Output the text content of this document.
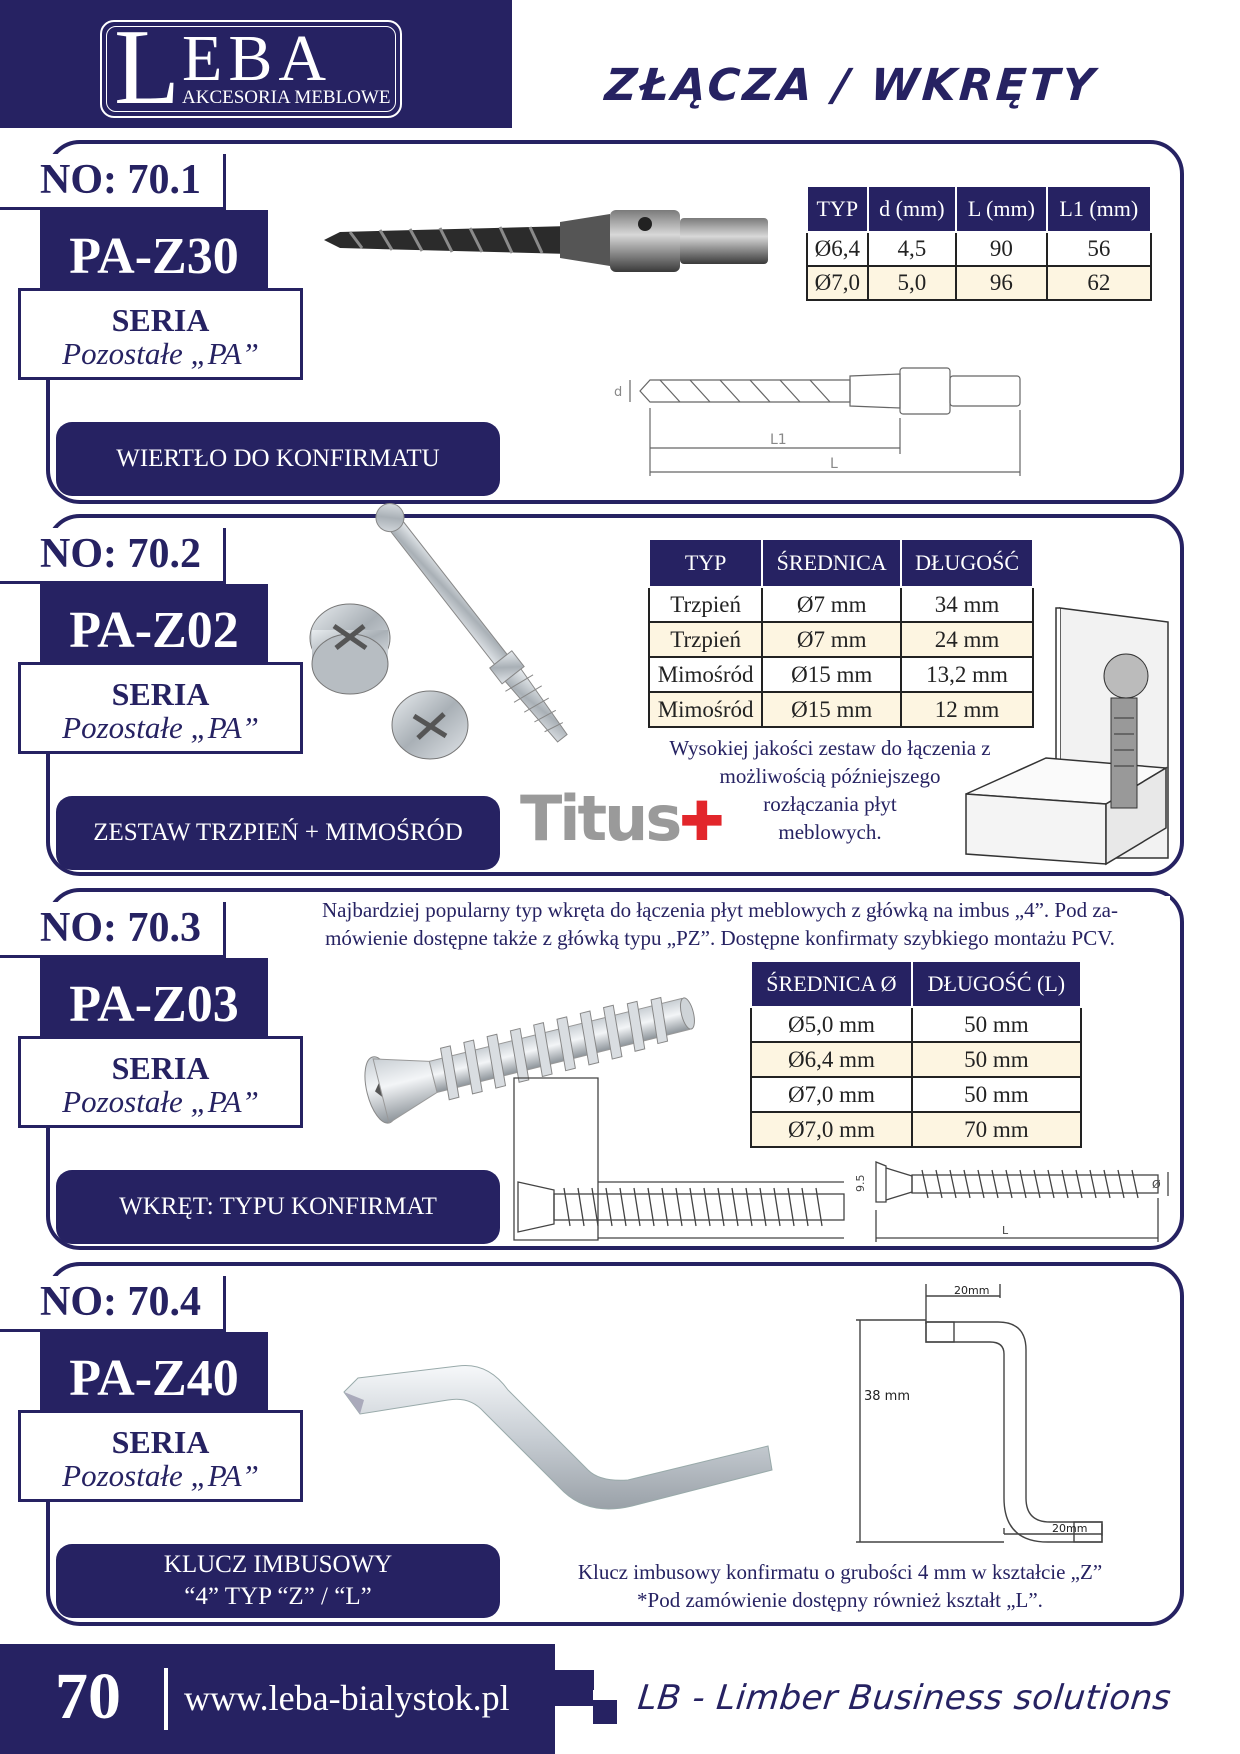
L EBA
AKCESORIA MEBLOWE	ZŁĄCZA / WKRĘTY
NO: 70.1
PA-Z30
SERIA
Pozostałe „PA”
WIERTŁO DO KONFIRMATU
TYP	d (mm)	L (mm)	L1 (mm)
Ø6,4	4,5	90	56
Ø7,0	5,0	96	62
d
L1
L
NO: 70.2
PA-Z02
SERIA
Pozostałe „PA”
ZESTAW TRZPIEŃ + MIMOŚRÓD Titus✚
TYP	ŚREDNICA	DŁUGOŚĆ
Trzpień	Ø7 mm	34 mm
Trzpień	Ø7 mm	24 mm
Mimośród	Ø15 mm	13,2 mm
Mimośród	Ø15 mm	12 mm
Wysokiej jakości zestaw do łączenia z
możliwością późniejszego
rozłączania płyt
meblowych.
Najbardziej popularny typ wkręta do łączenia płyt meblowych z główką na imbus „4”. Pod za-
mówienie dostępne także z główką typu „PZ”. Dostępne konfirmaty szybkiego montażu PCV.
NO: 70.3
PA-Z03
SERIA
Pozostałe „PA”
WKRĘT: TYPU KONFIRMAT
ŚREDNICA Ø	DŁUGOŚĆ (L)
Ø5,0 mm	50 mm
Ø6,4 mm	50 mm
Ø7,0 mm	50 mm
Ø7,0 mm	70 mm
9.5
L
Ø
NO: 70.4
PA-Z40
SERIA
Pozostałe „PA”
KLUCZ IMBUSOWY
“4” TYP “Z” / “L”
20mm
38 mm
20mm
Klucz imbusowy konfirmatu o grubości 4 mm w kształcie „Z”
*Pod zamówienie dostępny również kształt „L”.
70 www.leba-bialystok.pl	LB - Limber Business solutions
